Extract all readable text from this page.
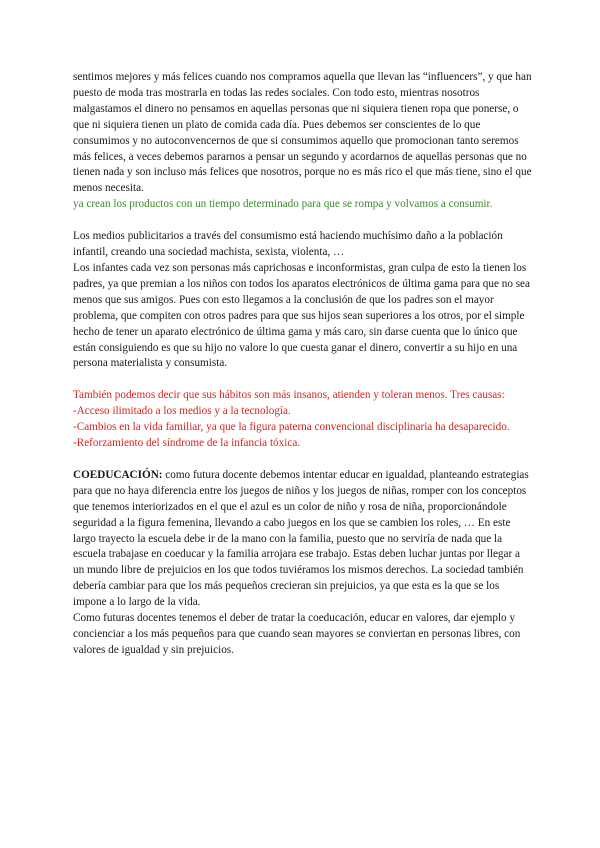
sentimos mejores y más felices cuando nos compramos aquella que llevan las “influencers”, y que han puesto de moda tras mostrarla en todas las redes sociales. Con todo esto, mientras nosotros malgastamos el dinero no pensamos en aquellas personas que ni siquiera tienen ropa que ponerse, o que ni siquiera tienen un plato de comida cada día. Pues debemos ser conscientes de lo que consumimos y no autoconvencernos de que si consumimos aquello que promocionan tanto seremos más felices, a veces debemos pararnos a pensar un segundo y acordarnos de aquellas personas que no tienen nada y son incluso más felices que nosotros, porque no es más rico el que más tiene, sino el que menos necesita.

ya crean los productos con un tiempo determinado para que se rompa y volvamos a consumir.

Los medios publicitarios a través del consumismo está haciendo muchísimo daño a la población infantil, creando una sociedad machista, sexista, violenta, …

Los infantes cada vez son personas más caprichosas e inconformistas, gran culpa de esto la tienen los padres, ya que premian a los niños con todos los aparatos electrónicos de última gama para que no sea menos que sus amigos. Pues con esto llegamos a la conclusión de que los padres son el mayor problema, que compiten con otros padres para que sus hijos sean superiores a los otros, por el simple hecho de tener un aparato electrónico de última gama y más caro, sin darse cuenta que lo único que están consiguiendo es que su hijo no valore lo que cuesta ganar el dinero, convertir a su hijo en una persona materialista y consumista.

También podemos decir que sus hábitos son más insanos, atienden y toleran menos. Tres causas:

-Acceso ilimitado a los medios y a la tecnología.

-Cambios en la vida familiar, ya que la figura paterna convencional disciplinaria ha desaparecido.

-Reforzamiento del síndrome de la infancia tóxica.

COEDUCACIÓN: como futura docente debemos intentar educar en igualdad, planteando estrategias para que no haya diferencia entre los juegos de niños y los juegos de niñas, romper con los conceptos que tenemos interiorizados en el que el azul es un color de niño y rosa de niña, proporcionándole seguridad a la figura femenina, llevando a cabo juegos en los que se cambien los roles, … En este largo trayecto la escuela debe ir de la mano con la familia, puesto que no serviría de nada que la escuela trabajase en coeducar y la familia arrojara ese trabajo. Estas deben luchar juntas por llegar a un mundo libre de prejuicios en los que todos tuviéramos los mismos derechos. La sociedad también debería cambiar para que los más pequeños crecieran sin prejuicios, ya que esta es la que se los impone a lo largo de la vida.

Como futuras docentes tenemos el deber de tratar la coeducación, educar en valores, dar ejemplo y concienciar a los más pequeños para que cuando sean mayores se conviertan en personas libres, con valores de igualdad y sin prejuicios.
